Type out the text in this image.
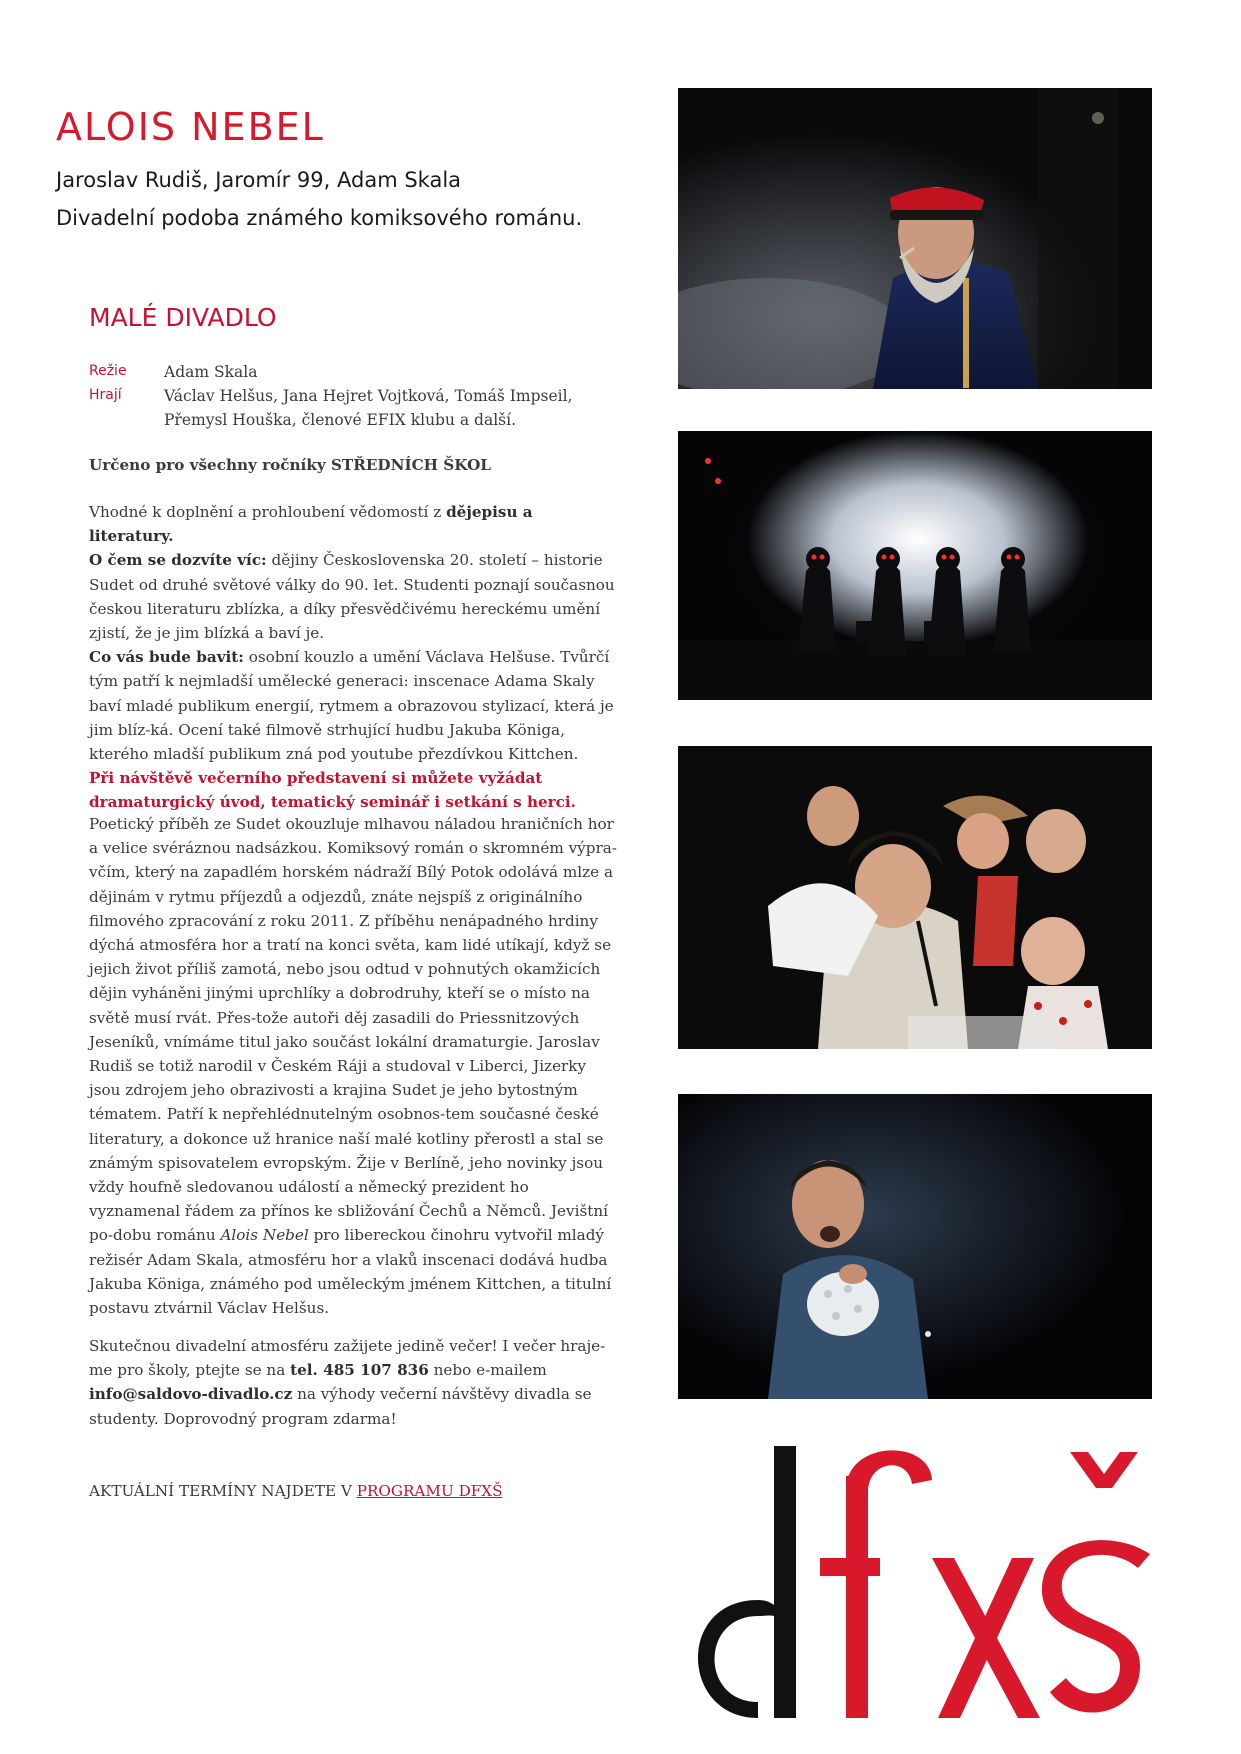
ALOIS NEBEL
Jaroslav Rudiš, Jaromír 99, Adam Skala
Divadelní podoba známého komiksového románu.
MALÉ DIVADLO
Režie Adam Skala
Hrají	Václav Helšus, Jana Hejret Vojtková, Tomáš Impseil,
Přemysl Houška, členové EFIX klubu a další.
Určeno pro všechny ročníky STŘEDNÍCH ŠKOL

Vhodné k doplnění a prohloubení vědomostí z dějepisu a literatury.
O čem se dozvíte víc: dějiny Československa 20. století – historie Sudet od druhé světové války do 90. let. Studenti poznají současnou českou literaturu zblízka, a díky přesvědčivému hereckému umění zjistí, že je jim blízká a baví je.
Co vás bude bavit: osobní kouzlo a umění Václava Helšuse. Tvůrčí tým patří k nejmladší umělecké generaci: inscenace Adama Skaly baví mladé publikum energií, rytmem a obrazovou stylizací, která je jim blíz-ká. Ocení také filmově strhující hudbu Jakuba Königa, kterého mladší publikum zná pod youtube přezdívkou Kittchen.
Při návštěvě večerního představení si můžete vyžádat dramaturgický úvod, tematický seminář i setkání s herci.

Poetický příběh ze Sudet okouzluje mlhavou náladou hraničních hor a velice svéráznou nadsázkou. Komiksový román o skromném výpra-včím, který na zapadlém horském nádraží Bílý Potok odolává mlze a dějinám v rytmu příjezdů a odjezdů, znáte nejspíš z originálního filmového zpracování z roku 2011. Z příběhu nenápadného hrdiny dýchá atmosféra hor a tratí na konci světa, kam lidé utíkají, když se jejich život příliš zamotá, nebo jsou odtud v pohnutých okamžicích dějin vyháněni jinými uprchlíky a dobrodruhy, kteří se o místo na světě musí rvát. Přes-tože autoři děj zasadili do Priessnitzových Jeseníků, vnímáme titul jako součást lokální dramaturgie. Jaroslav Rudiš se totiž narodil v Českém Ráji a studoval v Liberci, Jizerky jsou zdrojem jeho obrazivosti a krajina Sudet je jeho bytostným tématem. Patří k nepřehlédnutelným osobnos-tem současné české literatury, a dokonce už hranice naší malé kotliny přerostl a stal se známým spisovatelem evropským. Žije v Berlíně, jeho novinky jsou vždy houfně sledovanou událostí a německý prezident ho vyznamenal řádem za přínos ke sbližování Čechů a Němců. Jevištní po-dobu románu Alois Nebel pro libereckou činohru vytvořil mladý režisér Adam Skala, atmosféru hor a vlaků inscenaci dodává hudba Jakuba Königa, známého pod uměleckým jménem Kittchen, a titulní postavu ztvárnil Václav Helšus.

Skutečnou divadelní atmosféru zažijete jedině večer! I večer hraje-me pro školy, ptejte se na tel. 485 107 836 nebo e-mailem info@saldovo-divadlo.cz na výhody večerní návštěvy divadla se studenty. Doprovodný program zdarma!

AKTUÁLNÍ TERMÍNY NAJDETE V PROGRAMU DFXŠ
